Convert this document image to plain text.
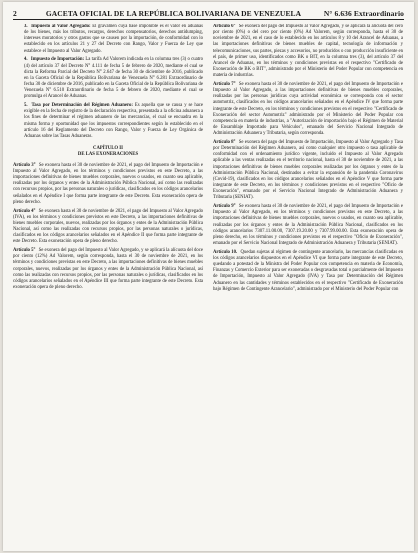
2	GACETA OFICIAL DE LA REPÚBLICA BOLIVARIANA DE VENEZUELA	N° 6.636 Extraordinario

3. Impuesto al Valor Agregado: El gravamen cuya base imponible es el valor en aduanas de los bienes, más los tributos, recargos, derechos compensatorios, derechos antidumping, intereses moratorios y otros gastos que se causen por la importación, de conformidad con lo establecido en los artículos 21 y 27 del Decreto con Rango, Valor y Fuerza de Ley que establece el Impuesto al Valor Agregado.

4. Impuesto de Importación: La tarifa Ad Valorem indicada en la columna tres (3) o cuatro (4) del artículo 37 del Decreto N° 4.111 de fecha 5 de febrero de 2020, mediante el cual se dicta la Reforma Parcial del Decreto N° 2.647 de fecha 30 de diciembre de 2016, publicado en la Gaceta Oficial de la República Bolivariana de Venezuela N° 6.281 Extraordinario de fecha 30 de diciembre de 2016, publicado en la Gaceta Oficial de la República Bolivariana de Venezuela N° 6.510 Extraordinario de fecha 5 de febrero de 2020, mediante el cual se promulga el Arancel de Aduanas.

5. Tasa por Determinación del Régimen Aduanero: Es aquella que se causa y se hace exigible en la fecha de registro de la declaración respectiva, presentada a la oficina aduanera a los fines de determinar el régimen aduanero de las mercancías, el cual se encuadra en la misma forma y oportunidad que los impuestos correspondientes según lo establecido en el artículo 16 del Reglamento del Decreto con Rango, Valor y Fuerza de Ley Orgánica de Aduanas sobre las Tasas Aduaneras.

CAPÍTULO II
DE LAS EXONERACIONES

Artículo 3° Se exonera hasta el 30 de noviembre de 2021, el pago del Impuesto de Importación e Impuesto al Valor Agregado, en los términos y condiciones previstos en este Decreto, a las importaciones definitivas de bienes muebles corporales, nuevos o usados, en cuanto sea aplicable, realizadas por los órganos y entes de la Administración Pública Nacional, así como las realizadas con recursos propios, por las personas naturales o jurídicas, clasificados en los códigos arancelarios señalados en el Apéndice I que forma parte integrante de este Decreto. Esta exoneración opera de pleno derecho.

Artículo 4° Se exonera hasta el 30 de noviembre de 2021, el pago del Impuesto al Valor Agregado (IVA), en los términos y condiciones previstos en este Decreto, a las importaciones definitivas de bienes muebles corporales, nuevos, realizadas por los órganos y entes de la Administración Pública Nacional, así como las realizadas con recursos propios, por las personas naturales o jurídicas, clasificados en los códigos arancelarios señalados en el Apéndice II que forma parte integrante de este Decreto. Esta exoneración opera de pleno derecho.

Artículo 5° Se exonera del pago del Impuesto al Valor Agregado, y se aplicará la alícuota del doce por ciento (12%) Ad Valorem, según corresponda, hasta el 30 de noviembre de 2021, en los términos y condiciones previstas en este Decreto, a las importaciones definitivas de bienes muebles corporales, nuevos, realizadas por los órganos y entes de la Administración Pública Nacional, así como las realizadas con recursos propios, por las personas naturales o jurídicas, clasificados en los códigos arancelarios señalados en el Apéndice III que forma parte integrante de este Decreto. Esta exoneración opera de pleno derecho.

Artículo 6° Se exonera del pago del Impuesto al Valor Agregado, y se aplicará la alícuota del cero por ciento (0%) o del cero por ciento (0%) Ad Valorem, según corresponda, hasta el 30 de noviembre de 2021, en el caso de lo establecido en los artículos 8 y 10 del Arancel de Aduanas, a las importaciones definitivas de bienes muebles de capital, tecnología de información y telecomunicaciones, sus partes, piezas y accesorios, no producidos o con producción insuficiente en el país, de primer uso, identificados como BK o BIT, en la columna tres (3), del artículo 37 del Arancel de Aduanas, en los términos y condiciones previstas en el respectivo "Certificado de Exoneración de BK o BIT", administrado por el Ministerio del Poder Popular con competencia en materia de industrias.

Artículo 7° Se exonera hasta el 30 de noviembre de 2021, el pago del Impuesto de Importación e Impuesto al Valor Agregado, a las importaciones definitivas de bienes muebles corporales, realizadas por las personas jurídicas cuya actividad económica se corresponda con el sector automotriz, clasificados en los códigos arancelarios señalados en el Apéndice IV que forma parte integrante de este Decreto, en los términos y condiciones previstos en el respectivo "Certificado de Exoneración del sector Automotriz" administrado por el Ministerio del Poder Popular con competencia en materia de industrias, a "Autorización de importación bajo el Régimen de Material de Ensamblaje Importado para Vehículos", emanado del Servicio Nacional Integrado de Administración Aduanera y Tributaria, según corresponda.

Artículo 8° Se exonera del pago del Impuesto de Importación, Impuesto al Valor Agregado y Tasa por Determinación del Régimen Aduanero, así como cualquier otro impuesto o tasa aplicable de conformidad con el ordenamiento jurídico vigente, incluido el Impuesto al Valor Agregado aplicable a las ventas realizadas en el territorio nacional, hasta el 30 de noviembre de 2021, a las importaciones definitivas de bienes muebles corporales realizadas por los órganos y entes de la Administración Pública Nacional, destinados a evitar la expansión de la pandemia Coronavirus (Covid-19), clasificados en los códigos arancelarios señalados en el Apéndice V que forma parte integrante de este Decreto, en los términos y condiciones previstos en el respectivo "Oficio de Exoneración", emanado por el Servicio Nacional Integrado de Administración Aduanera y Tributaria (SENIAT).

Artículo 9° Se exonera hasta el 30 de noviembre de 2021, el pago del Impuesto de Importación e Impuesto al Valor Agregado, en los términos y condiciones previstos en este Decreto, a las importaciones definitivas de bienes muebles corporales, nuevos o usados, en cuanto sea aplicable, realizadas por los órganos y entes de la Administración Pública Nacional, clasificados en los códigos arancelarios 7307.11.00.00, 7307.19.20.00 y 7307.99.00.00. Esta exoneración opera de pleno derecho, en los términos y condiciones previstos en el respectivo "Oficio de Exoneración", emanado por el Servicio Nacional Integrado de Administración Aduanera y Tributaria (SENIAT).

Artículo 10. Quedan sujetas al régimen de contingente arancelario, las mercancías clasificadas en los códigos arancelarios dispuestos en el Apéndice VI que forma parte integrante de este Decreto, quedando a potestad de la Ministra del Poder Popular con competencia en materia de Economía, Finanzas y Comercio Exterior para ser exoneradas o desgravadas total o parcialmente del Impuesto de Importación, Impuesto al Valor Agregado (IVA) y Tasa por Determinación del Régimen Aduanero en las cantidades y términos establecidos en el respectivo "Certificado de Exoneración bajo Régimen de Contingente Arancelario", administrado por el Ministerio del Poder Popular con
